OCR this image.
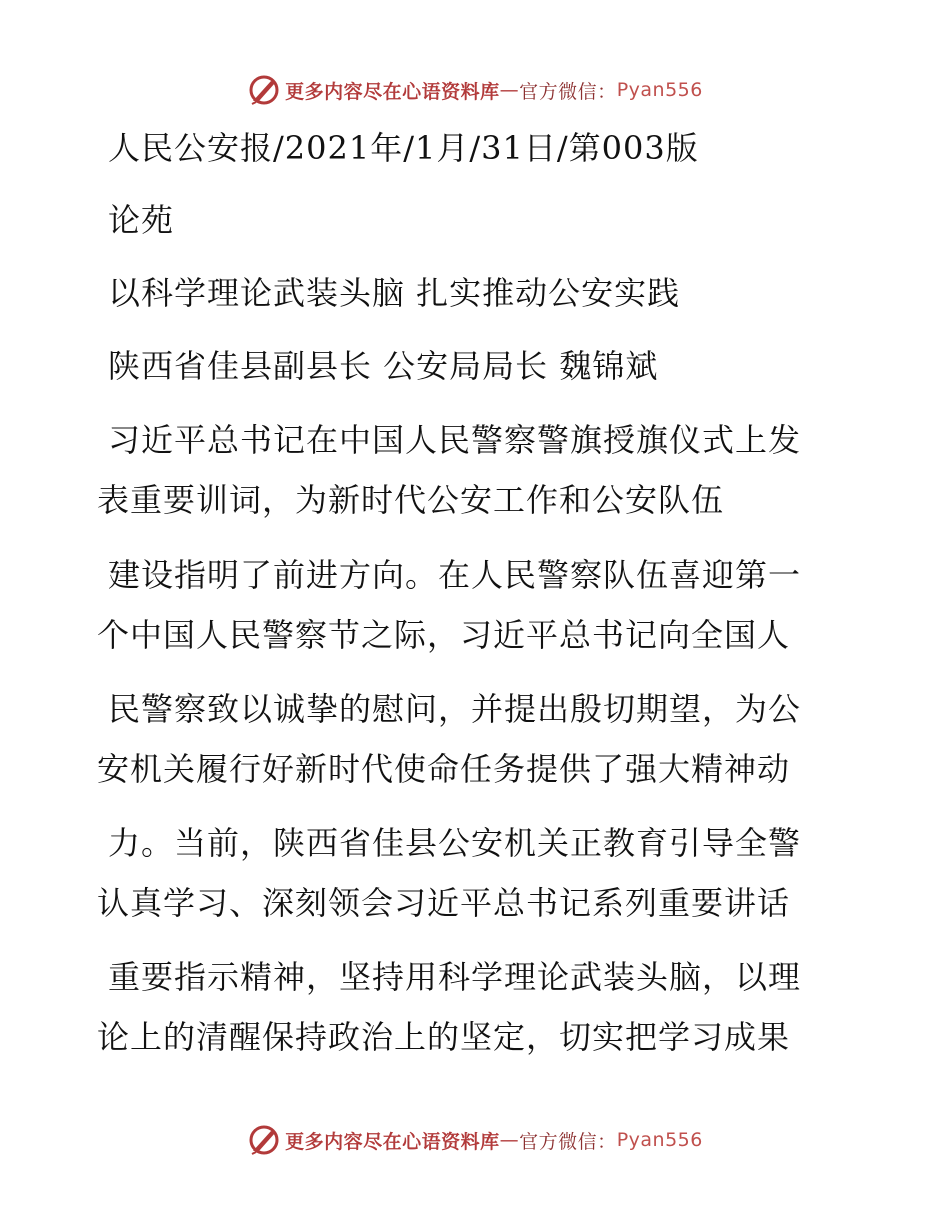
更多内容尽在心语资料库 — 官方微信： Pyan556
人民公安报/2021年/1月/31日/第003版
论苑
以科学理论武装头脑 扎实推动公安实践
陕西省佳县副县长 公安局局长 魏锦斌
习近平总书记在中国人民警察警旗授旗仪式上发
表重要训词，为新时代公安工作和公安队伍
建设指明了前进方向。在人民警察队伍喜迎第一
个中国人民警察节之际，习近平总书记向全国人
民警察致以诚挚的慰问，并提出殷切期望，为公
安机关履行好新时代使命任务提供了强大精神动
力。当前，陕西省佳县公安机关正教育引导全警
认真学习、深刻领会习近平总书记系列重要讲话
重要指示精神，坚持用科学理论武装头脑，以理
论上的清醒保持政治上的坚定，切实把学习成果
更多内容尽在心语资料库 — 官方微信： Pyan556
